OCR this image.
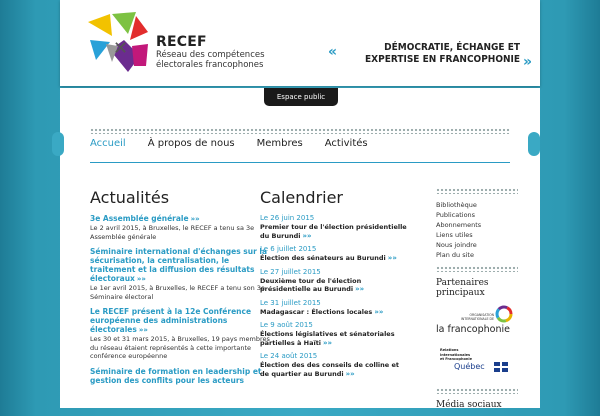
✕ RECEF
Réseau des compétences
électorales francophones
«	DÉMOCRATIE, ÉCHANGE ET
EXPERTISE EN FRANCOPHONIE »
Espace public
Accueil À propos de nous Membres Activités
Actualités
3e Assemblée générale »»
Le 2 avril 2015, à Bruxelles, le RECEF a tenu sa 3e Assemblée générale
Séminaire international d'échanges sur la sécurisation, la centralisation, le traitement et la diffusion des résultats électoraux »»
Le 1er avril 2015, à Bruxelles, le RECEF a tenu son 3e Séminaire électoral
Le RECEF présent à la 12e Conférence européenne des administrations électorales »»
Les 30 et 31 mars 2015, à Bruxelles, 19 pays membres du réseau étaient représentés à cette importante conférence européenne
Séminaire de formation en leadership et gestion des conflits pour les acteurs
Calendrier
Le 26 juin 2015
Premier tour de l'élection présidentielle du Burundi »»
Le 6 juillet 2015
Élection des sénateurs au Burundi »»
Le 27 juillet 2015
Deuxième tour de l'élection présidentielle au Burundi »»
Le 31 juillet 2015
Madagascar : Élections locales »»
Le 9 août 2015
Élections législatives et sénatoriales partielles à Haïti »»
Le 24 août 2015
Élection des des conseils de colline et de quartier au Burundi »»
Bibliothèque
Publications
Abonnements
Liens utiles
Nous joindre
Plan du site
Partenaires principaux
ORGANISATION INTERNATIONALE DE
la francophonie
Relations
internationales
et Francophonie
Québec
Média sociaux
